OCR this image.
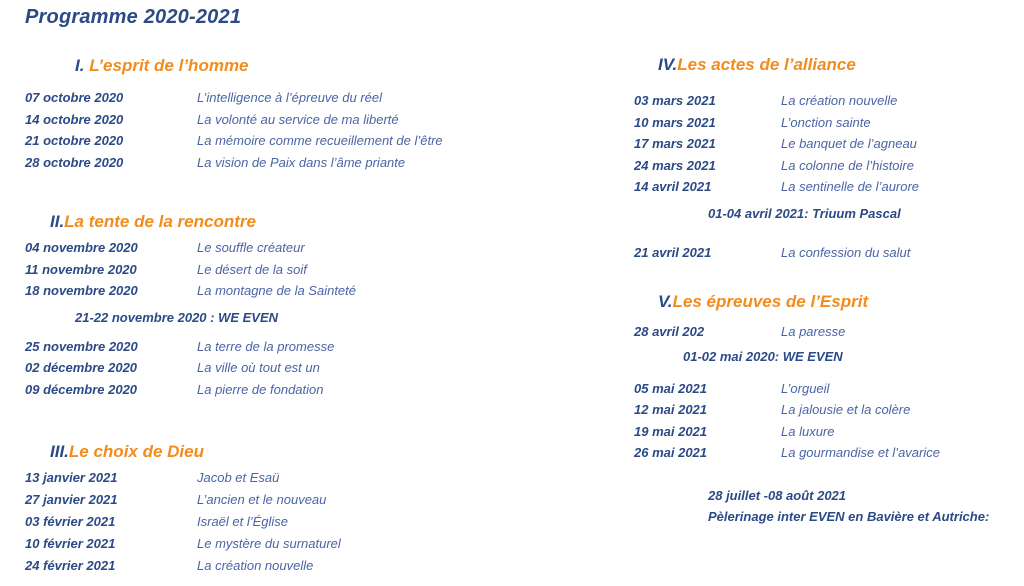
Programme 2020-2021
I. L’esprit de l’homme
07 octobre 2020	L’intelligence à l’épreuve du réel
14 octobre 2020	La volonté au service de ma liberté
21 octobre 2020	La mémoire comme recueillement de l’être
28 octobre 2020	La vision de Paix dans l’âme priante
II.La tente de la rencontre
04 novembre 2020	Le souffle créateur
11 novembre 2020	Le désert de la soif
18 novembre 2020	La montagne de la Sainteté
21-22 novembre 2020 : WE EVEN
25 novembre 2020	La terre de la promesse
02 décembre 2020	La ville où tout est un
09 décembre 2020	La pierre de fondation
III.Le choix de Dieu
13 janvier 2021	Jacob et Esaü
27 janvier 2021	L’ancien et le nouveau
03 février 2021	Israël et l’Église
10 février 2021	Le mystère du surnaturel
24 février 2021	La création nouvelle
IV.Les actes de l’alliance
03 mars 2021	La création nouvelle
10 mars 2021	L’onction sainte
17 mars 2021	Le banquet de l’agneau
24 mars 2021	La colonne de l’histoire
14 avril 2021	La sentinelle de l’aurore
01-04 avril 2021: Triuum Pascal
21 avril 2021	La confession du salut
V.Les épreuves de l’Esprit
28 avril 202	La paresse
01-02 mai 2020: WE EVEN
05 mai 2021	L’orgueil
12 mai 2021	La jalousie et la colère
19 mai 2021	La luxure
26 mai 2021	La gourmandise et l’avarice
28 juillet -08 août 2021
Pèlerinage inter EVEN en Bavière et Autriche:
